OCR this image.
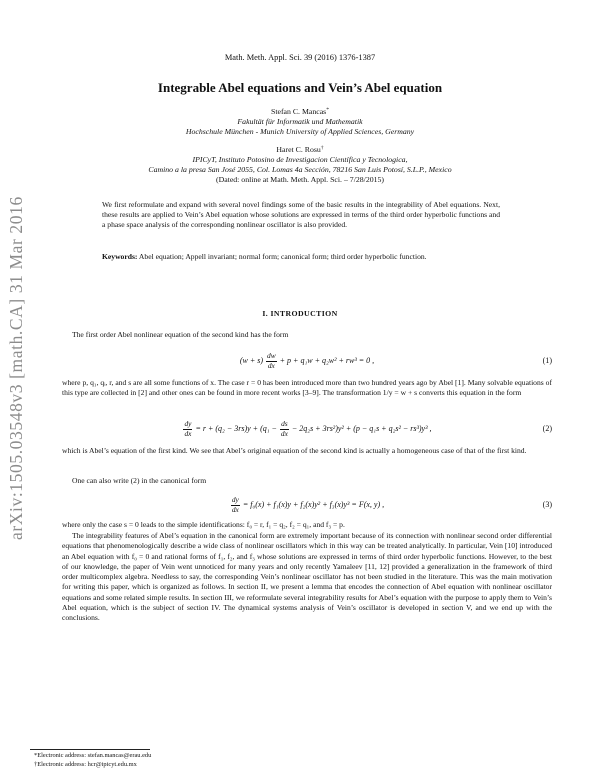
arXiv:1505.03548v3 [math.CA] 31 Mar 2016
Math. Meth. Appl. Sci. 39 (2016) 1376-1387
Integrable Abel equations and Vein’s Abel equation
Stefan C. Mancas*
Fakultät für Informatik und Mathematik
Hochschule München - Munich University of Applied Sciences, Germany
Haret C. Rosu†
IPICyT, Instituto Potosino de Investigacion Científica y Tecnologica,
Camino a la presa San José 2055, Col. Lomas 4a Sección, 78216 San Luis Potosí, S.L.P., Mexico
(Dated: online at Math. Meth. Appl. Sci. – 7/28/2015)
We first reformulate and expand with several novel findings some of the basic results in the integrability of Abel equations. Next, these results are applied to Vein’s Abel equation whose solutions are expressed in terms of the third order hyperbolic functions and a phase space analysis of the corresponding nonlinear oscillator is also provided.
Keywords: Abel equation; Appell invariant; normal form; canonical form; third order hyperbolic function.
I. INTRODUCTION
The first order Abel nonlinear equation of the second kind has the form
$(w + s) \frac{dw}{dx} + p + q_1w + q_2w^2 + rw^3 = 0$ ,	(1)
where p, q₁, qᵢ, r, and s are all some functions of x. The case r = 0 has been introduced more than two hundred years ago by Abel [1]. Many solvable equations of this type are collected in [2] and other ones can be found in more recent works [3–9]. The transformation 1/y = w + s converts this equation in the form
$\frac{dy}{dx} = r + (q_2 - 3rs)y + (q_1 - \frac{ds}{dx} - 2q_2s + 3rs^2)y^2 + (p - q_1s + q_2s^2 - rs^3)y^3$ ,	(2)
which is Abel’s equation of the first kind. We see that Abel’s original equation of the second kind is actually a homogeneous case of that of the first kind.
One can also write (2) in the canonical form
$\frac{dy}{dx} = f_0(x) + f_1(x)y + f_2(x)y^2 + f_3(x)y^3 = F(x$, y) ,	(3)
where only the case s = 0 leads to the simple identifications: f₀ = r, f₁ = q₂, f₂ = q₁, and f₃ = p.
The integrability features of Abel’s equation in the canonical form are extremely important because of its connection with nonlinear second order differential equations that phenomenologically describe a wide class of nonlinear oscillators which in this way can be treated analytically. In particular, Vein [10] introduced an Abel equation with f₀ = 0 and rational forms of f₁, f₂, and f₃ whose solutions are expressed in terms of third order hyperbolic functions. However, to the best of our knowledge, the paper of Vein went unnoticed for many years and only recently Yamaleev [11, 12] provided a generalization in the framework of third order multicomplex algebra. Needless to say, the corresponding Vein’s nonlinear oscillator has not been studied in the literature. This was the main motivation for writing this paper, which is organized as follows. In section II, we present a lemma that encodes the connection of Abel equation with nonlinear oscillator equations and some related simple results. In section III, we reformulate several integrability results for Abel’s equation with the purpose to apply them to Vein’s Abel equation, which is the subject of section IV. The dynamical systems analysis of Vein’s oscillator is developed in section V, and we end up with the conclusions.
*Electronic address: stefan.mancas@erau.edu
†Electronic address: hcr@ipicyt.edu.mx
